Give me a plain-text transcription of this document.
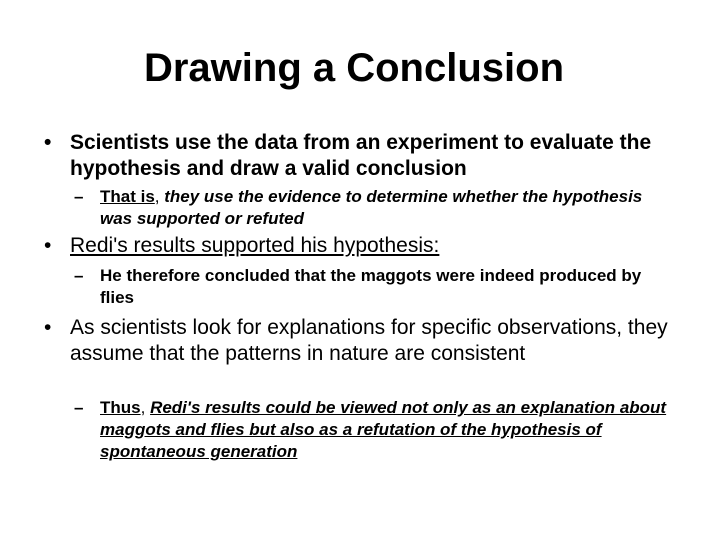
Drawing a Conclusion

• Scientists use the data from an experiment to evaluate the hypothesis and draw a valid conclusion

– That is, they use the evidence to determine whether the hypothesis was supported or refuted

• Redi's results supported his hypothesis:

– He therefore concluded that the maggots were indeed produced by flies

• As scientists look for explanations for specific observations, they assume that the patterns in nature are consistent

– Thus, Redi's results could be viewed not only as an explanation about maggots and flies but also as a refutation of the hypothesis of spontaneous generation
